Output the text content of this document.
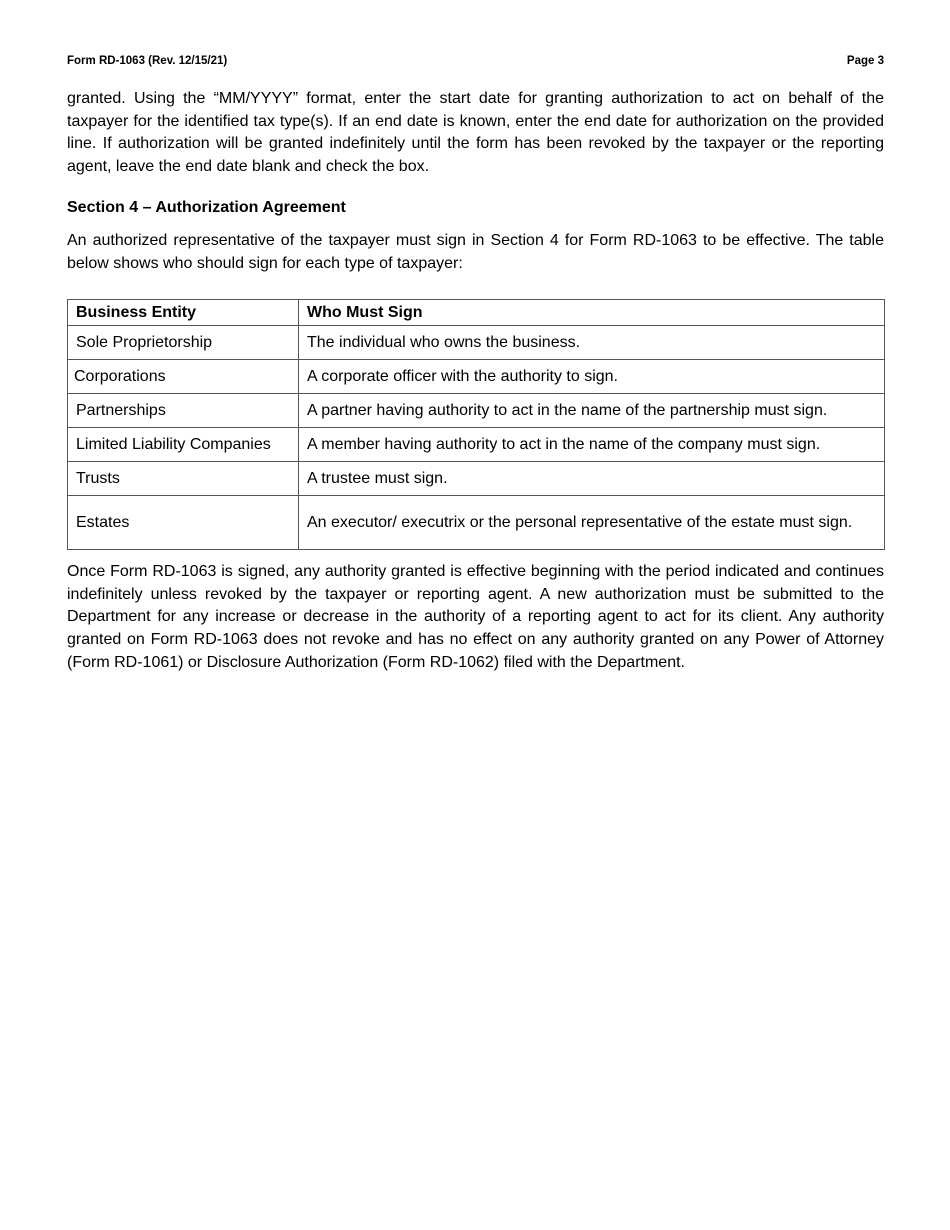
Form RD-1063 (Rev. 12/15/21)	Page 3

granted. Using the “MM/YYYY” format, enter the start date for granting authorization to act on behalf of the taxpayer for the identified tax type(s). If an end date is known, enter the end date for authorization on the provided line. If authorization will be granted indefinitely until the form has been revoked by the taxpayer or the reporting agent, leave the end date blank and check the box.

Section 4 – Authorization Agreement

An authorized representative of the taxpayer must sign in Section 4 for Form RD-1063 to be effective. The table below shows who should sign for each type of taxpayer:

Business Entity	Who Must Sign
Sole Proprietorship	The individual who owns the business.
Corporations	A corporate officer with the authority to sign.
Partnerships	A partner having authority to act in the name of the partnership must sign.
Limited Liability Companies	A member having authority to act in the name of the company must sign.
Trusts	A trustee must sign.
Estates	An executor/ executrix or the personal representative of the estate must sign.

Once Form RD-1063 is signed, any authority granted is effective beginning with the period indicated and continues indefinitely unless revoked by the taxpayer or reporting agent. A new authorization must be submitted to the Department for any increase or decrease in the authority of a reporting agent to act for its client. Any authority granted on Form RD-1063 does not revoke and has no effect on any authority granted on any Power of Attorney (Form RD-1061) or Disclosure Authorization (Form RD-1062) filed with the Department.
